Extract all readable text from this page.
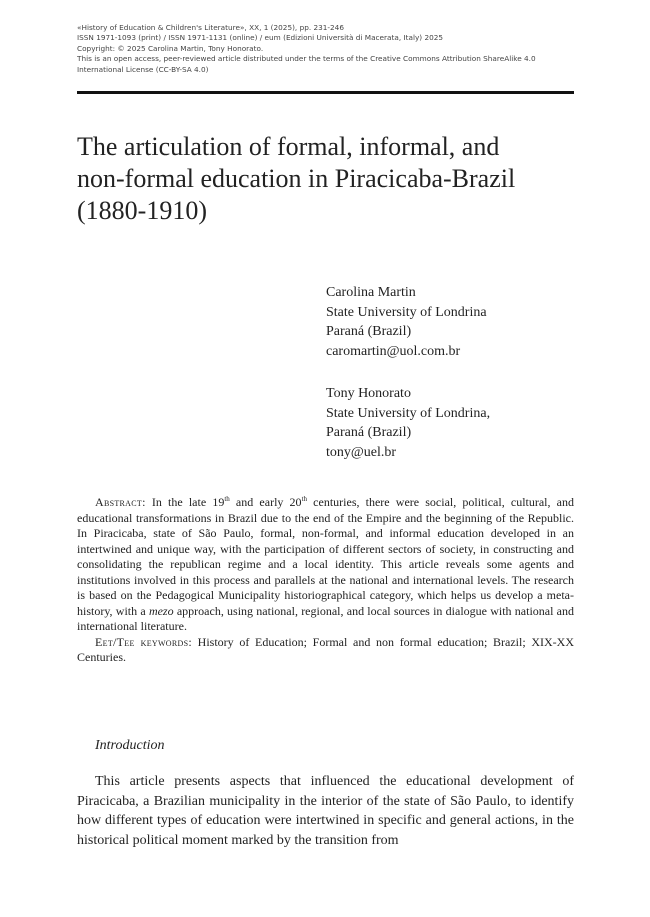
«History of Education & Children's Literature», XX, 1 (2025), pp. 231-246
ISSN 1971-1093 (print) / ISSN 1971-1131 (online) / eum (Edizioni Università di Macerata, Italy) 2025
Copyright: © 2025 Carolina Martin, Tony Honorato.
This is an open access, peer-reviewed article distributed under the terms of the Creative Commons Attribution ShareAlike 4.0
International License (CC-BY-SA 4.0)
The articulation of formal, informal, and
non-formal education in Piracicaba-Brazil
(1880-1910)
Carolina Martin
State University of Londrina
Paraná (Brazil)
caromartin@uol.com.br
Tony Honorato
State University of Londrina,
Paraná (Brazil)
tony@uel.br

Abstract: In the late 19th and early 20th centuries, there were social, political, cultural, and educational transformations in Brazil due to the end of the Empire and the beginning of the Republic. In Piracicaba, state of São Paulo, formal, non-formal, and informal education developed in an intertwined and unique way, with the participation of different sectors of society, in constructing and consolidating the republican regime and a local identity. This article reveals some agents and institutions involved in this process and parallels at the national and international levels. The research is based on the Pedagogical Municipality historiographical category, which helps us develop a meta-history, with a mezo approach, using national, regional, and local sources in dialogue with national and international literature.

Eet/Tee keywords: History of Education; Formal and non formal education; Brazil; XIX-XX Centuries.

Introduction

This article presents aspects that influenced the educational development of Piracicaba, a Brazilian municipality in the interior of the state of São Paulo, to identify how different types of education were intertwined in specific and general actions, in the historical political moment marked by the transition from
